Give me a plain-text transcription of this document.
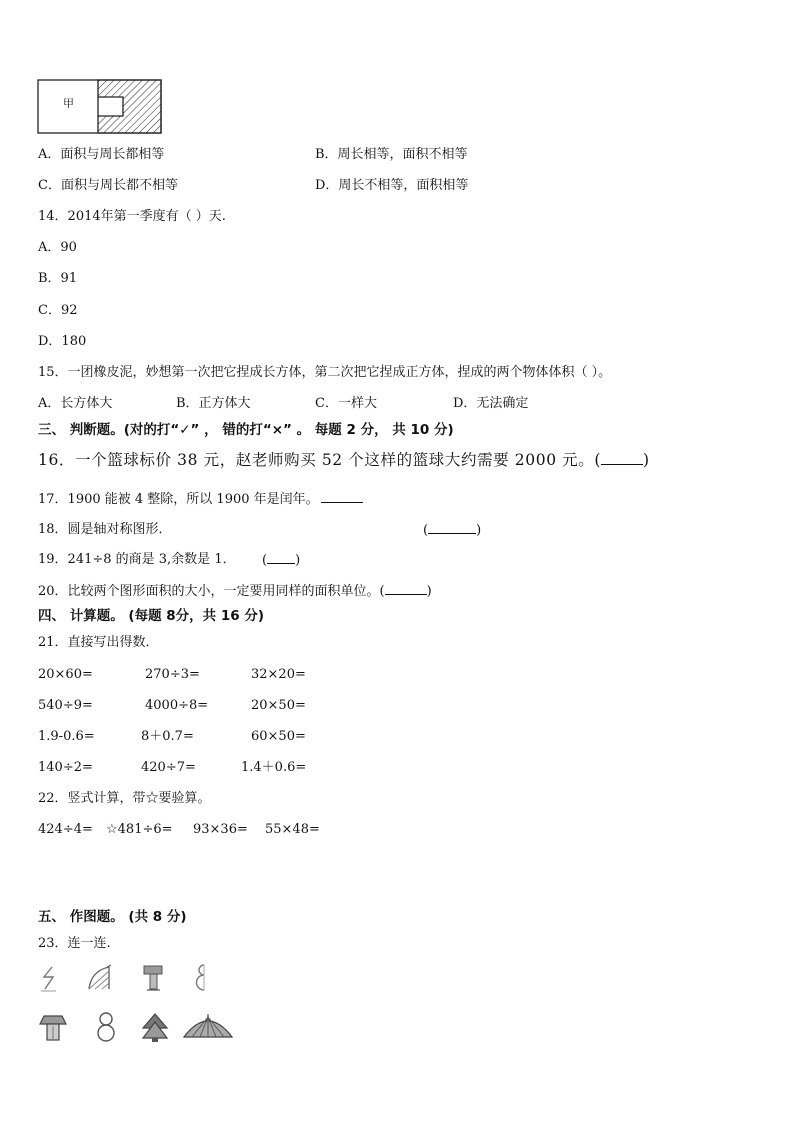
甲
A．面积与周长都相等	B．周长相等，面积不相等
C．面积与周长都不相等	D．周长不相等，面积相等
14．2014年第一季度有（ ）天.
A．90
B．91
C．92
D．180
15．一团橡皮泥，妙想第一次把它捏成长方体，第二次把它捏成正方体，捏成的两个物体体积（ ）。
A．长方体大	B．正方体大	C．一样大	D．无法确定
三、 判断题。(对的打“✓” ， 错的打“×” 。 每题 2 分， 共 10 分)
16．一个篮球标价 38 元，赵老师购买 52 个这样的篮球大约需要 2000 元。(	)
17．1900 能被 4 整除，所以 1900 年是闰年。
18．圆是轴对称图形．	(	)
19．241÷8 的商是 3,余数是 1． ( )
20．比较两个图形面积的大小，一定要用同样的面积单位。(	)
四、 计算题。 (每题 8分，共 16 分)
21．直接写出得数．
20×60=	270÷3=	32×20=
540÷9=	4000÷8=	20×50=
1.9-0.6=	8＋0.7=	60×50=
140÷2=	420÷7=	1.4＋0.6=
22．竖式计算，带☆要验算。
424÷4= ☆481÷6= 93×36= 55×48=
五、 作图题。 (共 8 分)
23．连一连.
